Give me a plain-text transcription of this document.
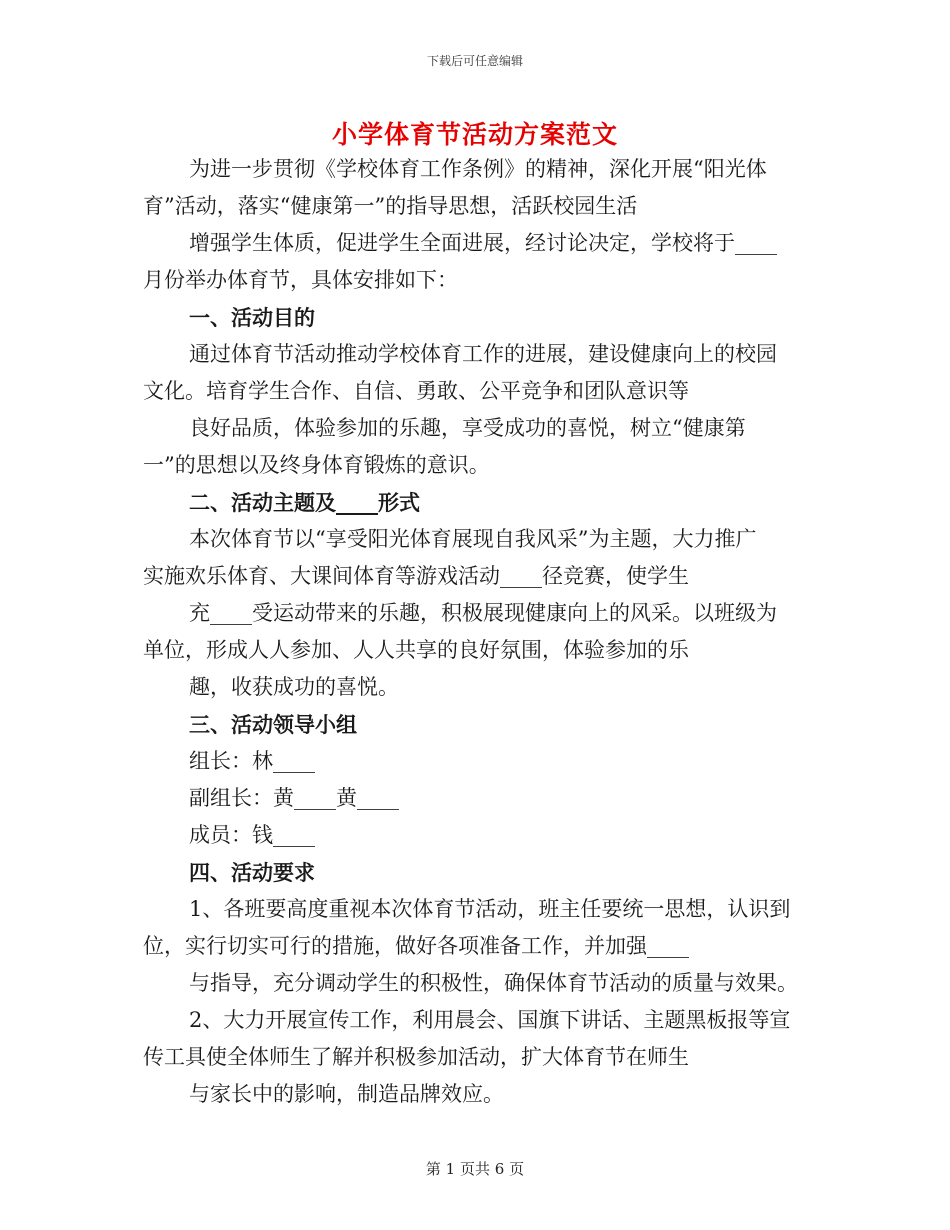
下载后可任意编辑
小学体育节活动方案范文
为进一步贯彻《学校体育工作条例》的精神，深化开展“阳光体
育”活动，落实“健康第一”的指导思想，活跃校园生活
增强学生体质，促进学生全面进展，经讨论决定，学校将于____
月份举办体育节，具体安排如下：
一、活动目的
通过体育节活动推动学校体育工作的进展，建设健康向上的校园
文化。培育学生合作、自信、勇敢、公平竞争和团队意识等
良好品质，体验参加的乐趣，享受成功的喜悦，树立“健康第
一”的思想以及终身体育锻炼的意识。
二、活动主题及____形式
本次体育节以“享受阳光体育展现自我风采”为主题，大力推广
实施欢乐体育、大课间体育等游戏活动____径竞赛，使学生
充____受运动带来的乐趣，积极展现健康向上的风采。以班级为
单位，形成人人参加、人人共享的良好氛围，体验参加的乐
趣，收获成功的喜悦。
三、活动领导小组
组长：林____
副组长：黄____黄____
成员：钱____
四、活动要求
1、各班要高度重视本次体育节活动，班主任要统一思想，认识到
位，实行切实可行的措施，做好各项准备工作，并加强____
与指导，充分调动学生的积极性，确保体育节活动的质量与效果。
2、大力开展宣传工作，利用晨会、国旗下讲话、主题黑板报等宣
传工具使全体师生了解并积极参加活动，扩大体育节在师生
与家长中的影响，制造品牌效应。
第 1 页共 6 页
